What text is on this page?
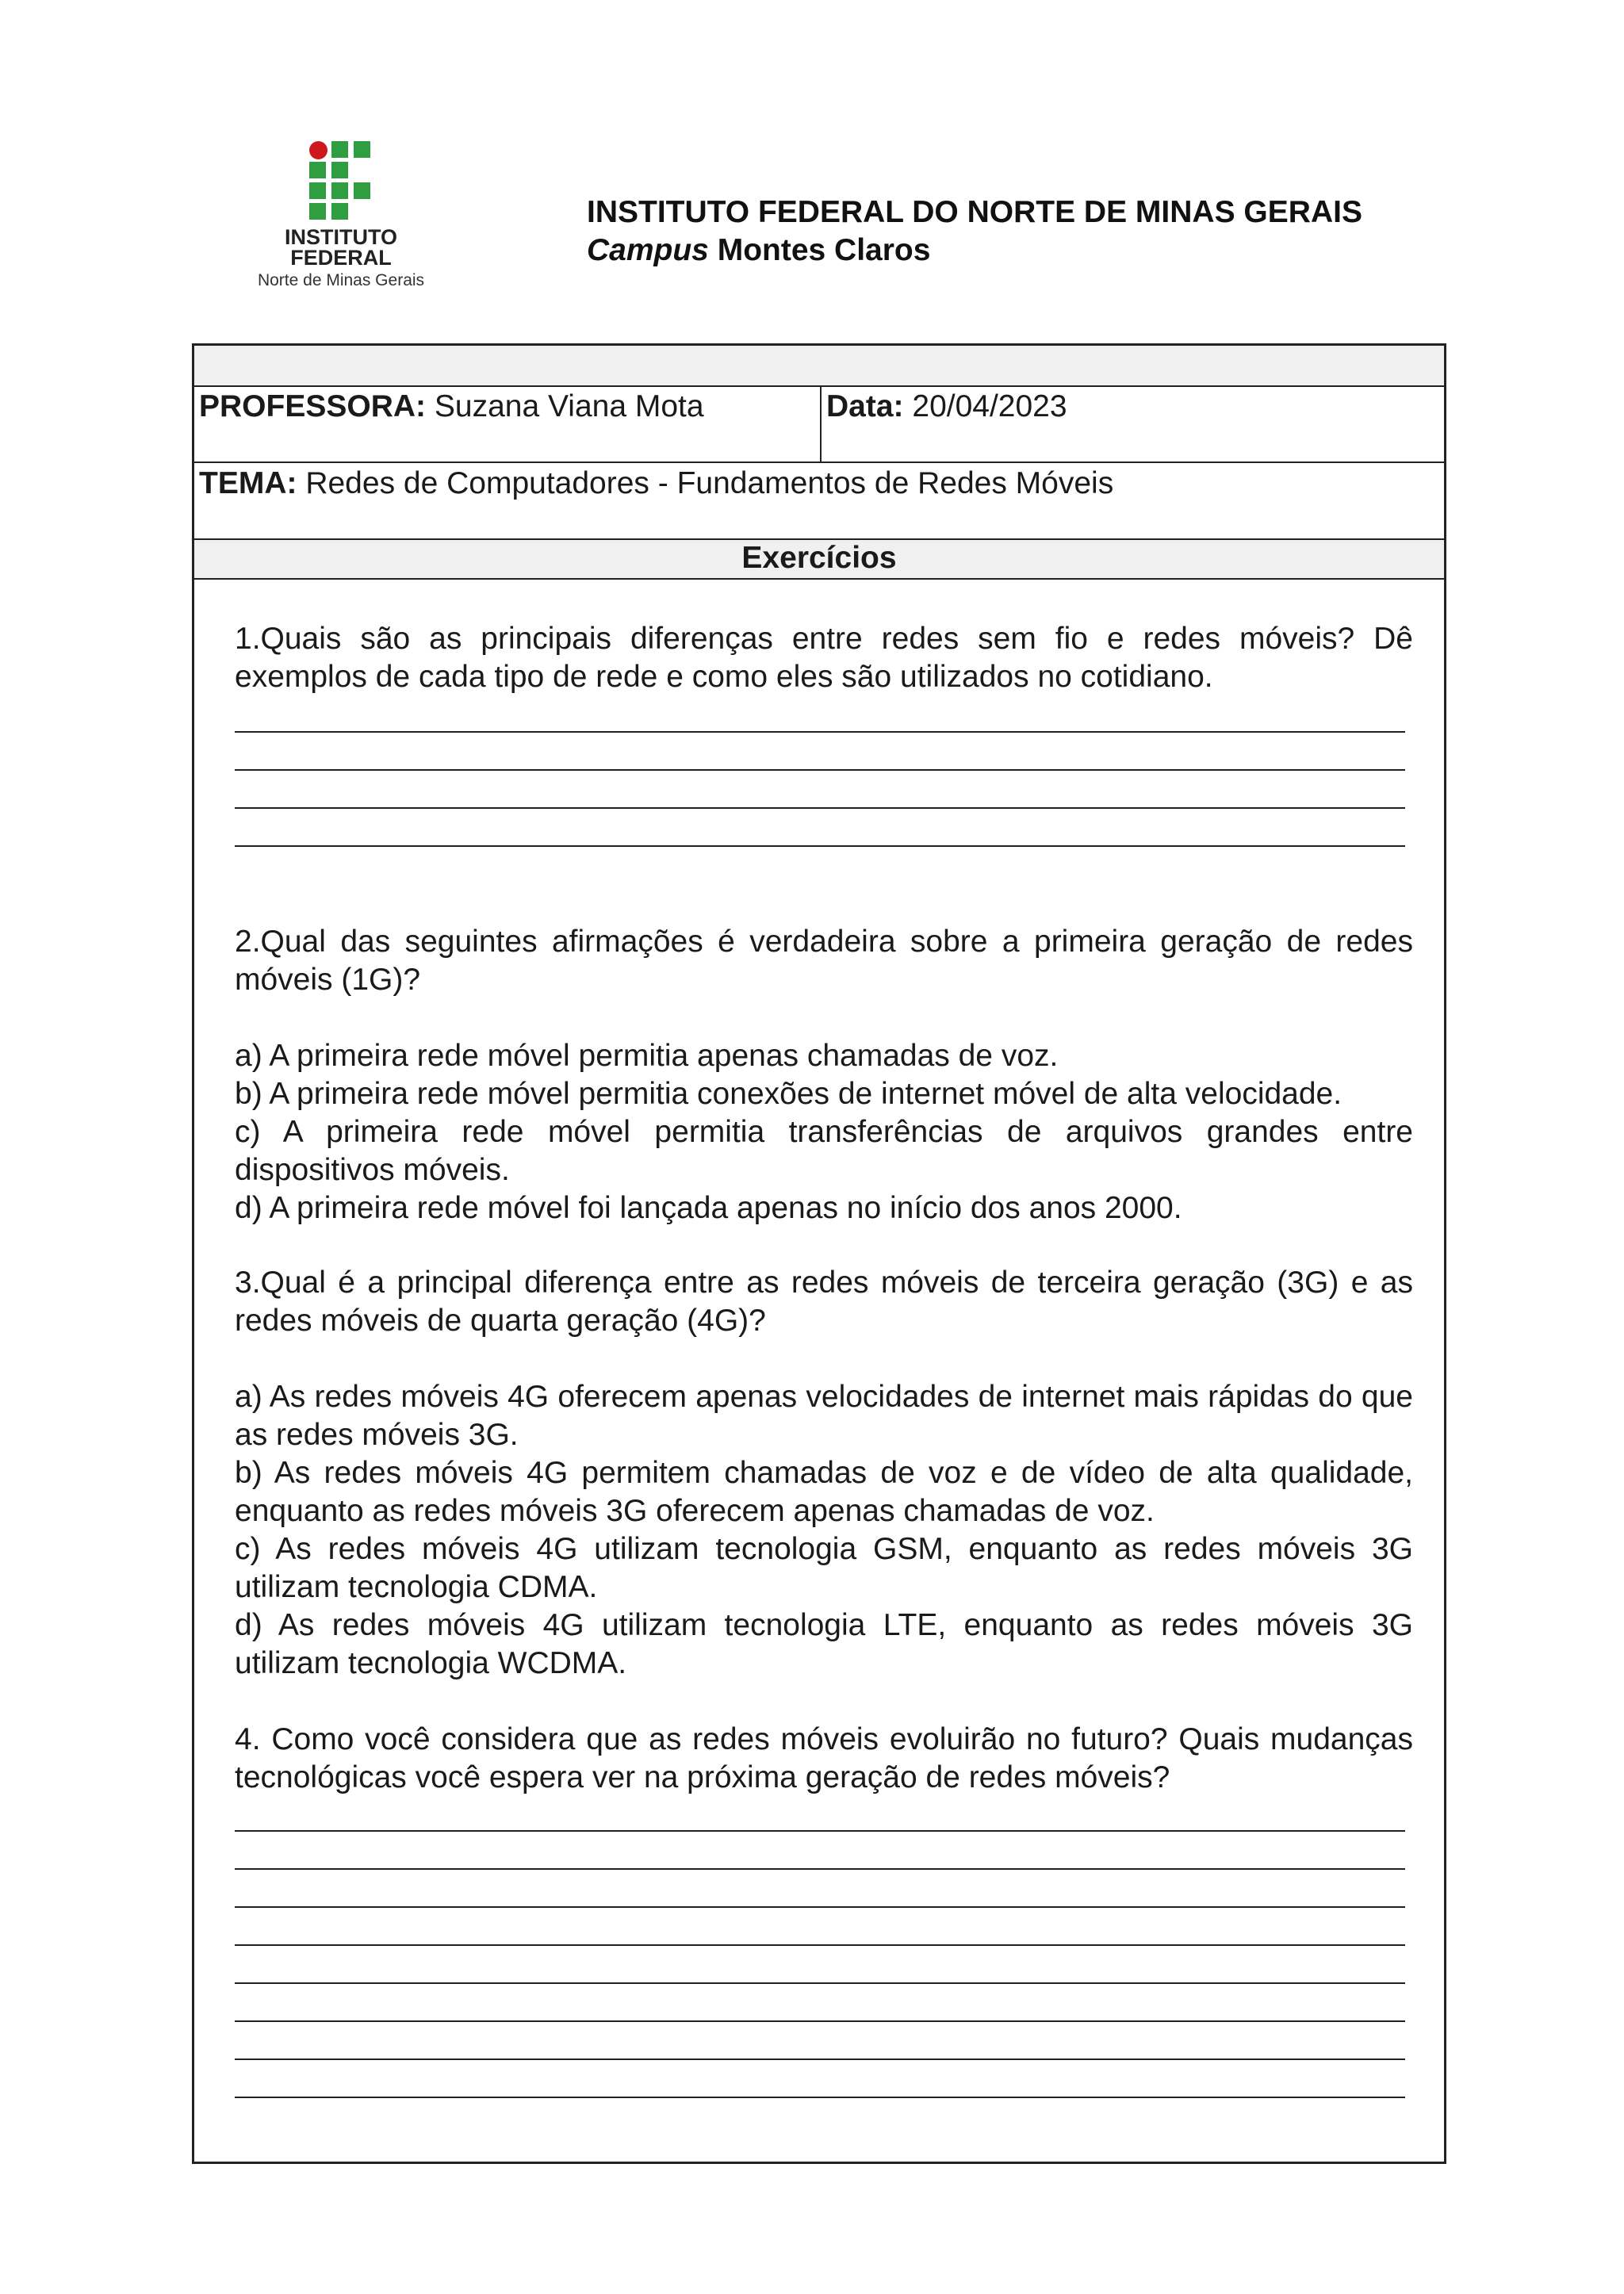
INSTITUTO
FEDERAL
Norte de Minas Gerais
INSTITUTO FEDERAL DO NORTE DE MINAS GERAIS
Campus Montes Claros
PROFESSORA: Suzana Viana Mota	Data: 20/04/2023
TEMA: Redes de Computadores - Fundamentos de Redes Móveis
Exercícios
1.Quais são as principais diferenças entre redes sem fio e redes móveis? Dê exemplos de cada tipo de rede e como eles são utilizados no cotidiano.
2.Qual das seguintes afirmações é verdadeira sobre a primeira geração de redes móveis (1G)?
a) A primeira rede móvel permitia apenas chamadas de voz.
b) A primeira rede móvel permitia conexões de internet móvel de alta velocidade.
c) A primeira rede móvel permitia transferências de arquivos grandes entre dispositivos móveis.
d) A primeira rede móvel foi lançada apenas no início dos anos 2000.
3.Qual é a principal diferença entre as redes móveis de terceira geração (3G) e as redes móveis de quarta geração (4G)?
a) As redes móveis 4G oferecem apenas velocidades de internet mais rápidas do que as redes móveis 3G.
b) As redes móveis 4G permitem chamadas de voz e de vídeo de alta qualidade, enquanto as redes móveis 3G oferecem apenas chamadas de voz.
c) As redes móveis 4G utilizam tecnologia GSM, enquanto as redes móveis 3G utilizam tecnologia CDMA.
d) As redes móveis 4G utilizam tecnologia LTE, enquanto as redes móveis 3G utilizam tecnologia WCDMA.
4. Como você considera que as redes móveis evoluirão no futuro? Quais mudanças tecnológicas você espera ver na próxima geração de redes móveis?
